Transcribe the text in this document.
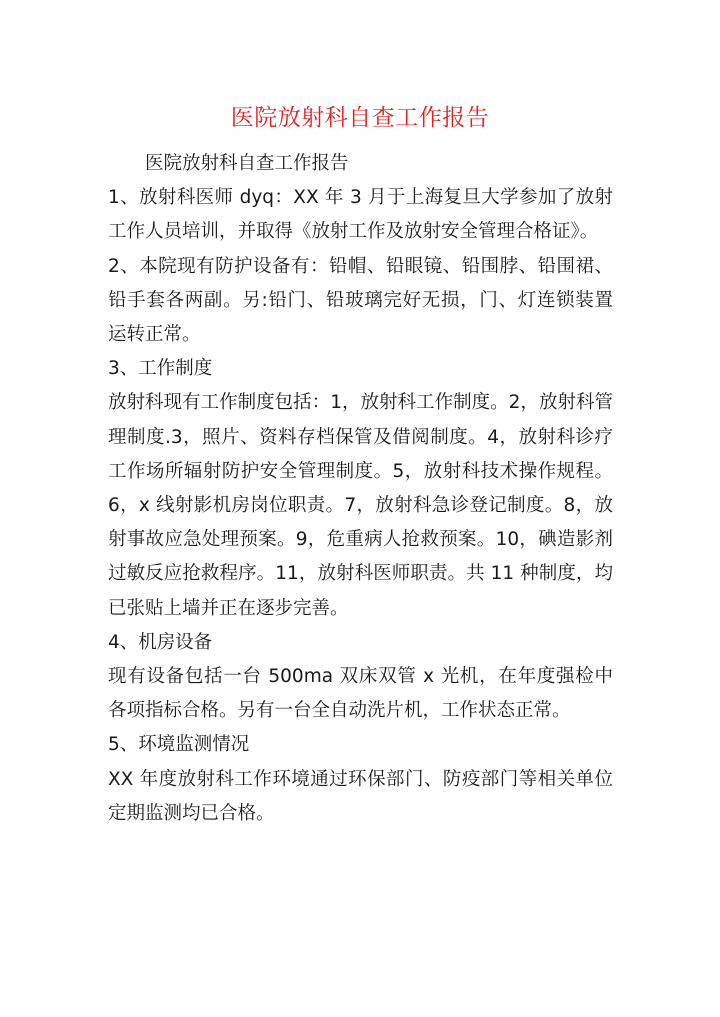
医院放射科自查工作报告

医院放射科自查工作报告

1、放射科医师 dyq：XX 年 3 月于上海复旦大学参加了放射工作人员培训，并取得《放射工作及放射安全管理合格证》。

2、本院现有防护设备有：铅帽、铅眼镜、铅围脖、铅围裙、铅手套各两副。另:铅门、铅玻璃完好无损，门、灯连锁装置运转正常。

3、工作制度

放射科现有工作制度包括：1，放射科工作制度。2，放射科管理制度.3，照片、资料存档保管及借阅制度。4，放射科诊疗工作场所辐射防护安全管理制度。5，放射科技术操作规程。6，x 线射影机房岗位职责。7，放射科急诊登记制度。8，放射事故应急处理预案。9，危重病人抢救预案。10，碘造影剂过敏反应抢救程序。11，放射科医师职责。共 11 种制度，均已张贴上墙并正在逐步完善。

4、机房设备

现有设备包括一台 500ma 双床双管 x 光机，在年度强检中各项指标合格。另有一台全自动洗片机，工作状态正常。

5、环境监测情况

XX 年度放射科工作环境通过环保部门、防疫部门等相关单位定期监测均已合格。
